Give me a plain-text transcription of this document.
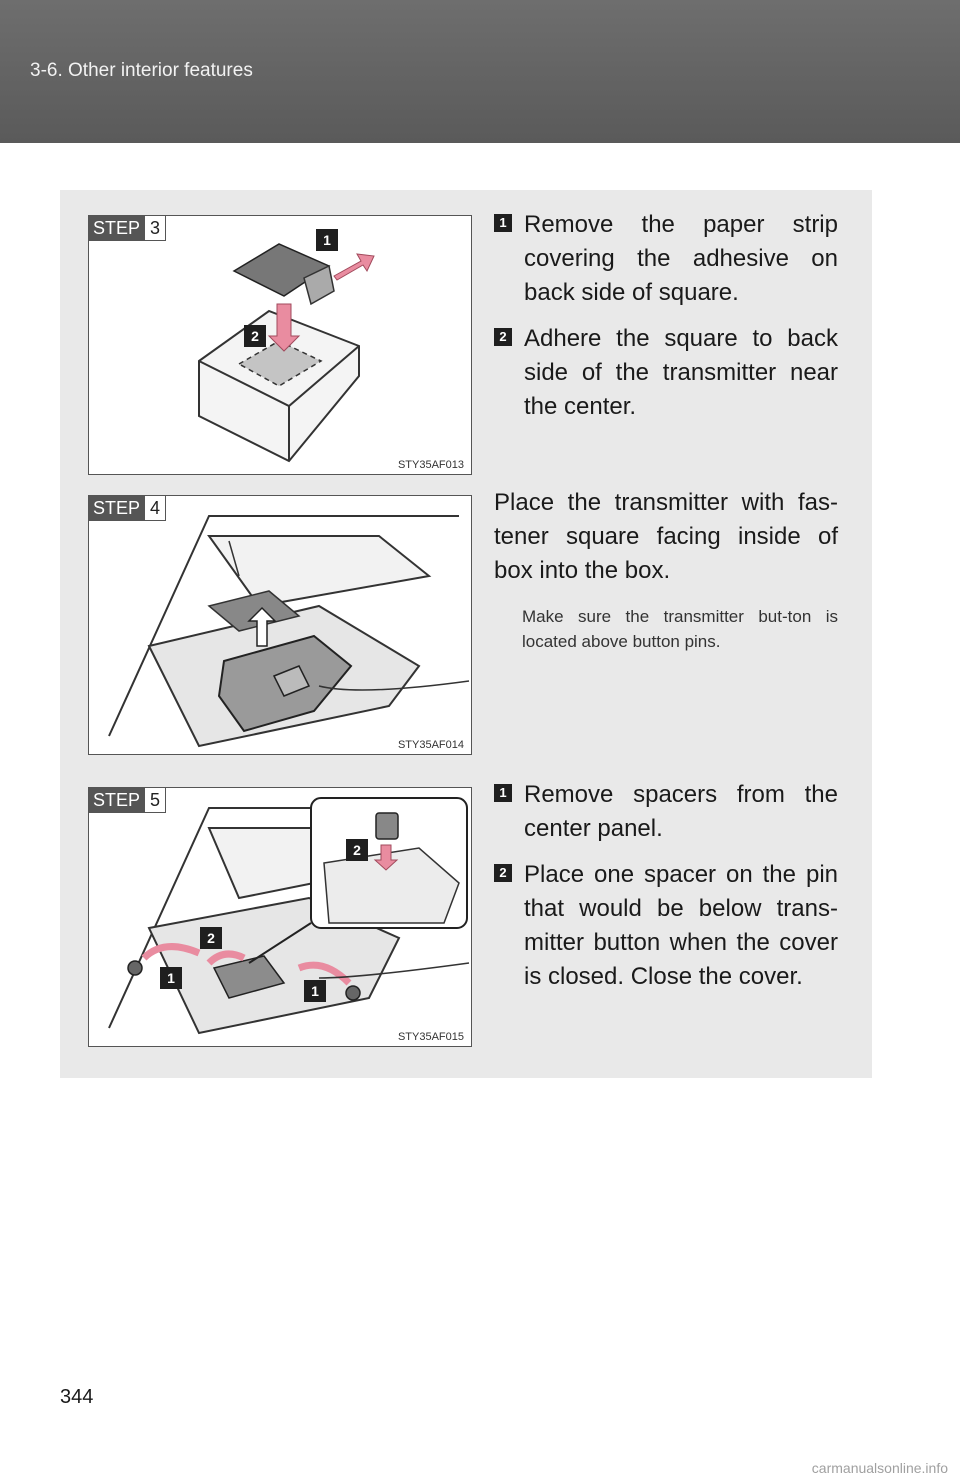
3-6. Other interior features
1
2
STEP 3
STY35AF013
1 Remove the paper strip covering the adhesive on back side of square.
2 Adhere the square to back side of the transmitter near the center.
STEP 4
STY35AF014

Place the transmitter with fas-tener square facing inside of box into the box.

Make sure the transmitter but-ton is located above button pins.
2
2
1
1
STEP 5
STY35AF015
1 Remove spacers from the center panel.
2 Place one spacer on the pin that would be below trans-mitter button when the cover is closed. Close the cover.
344
carmanualsonline.info
